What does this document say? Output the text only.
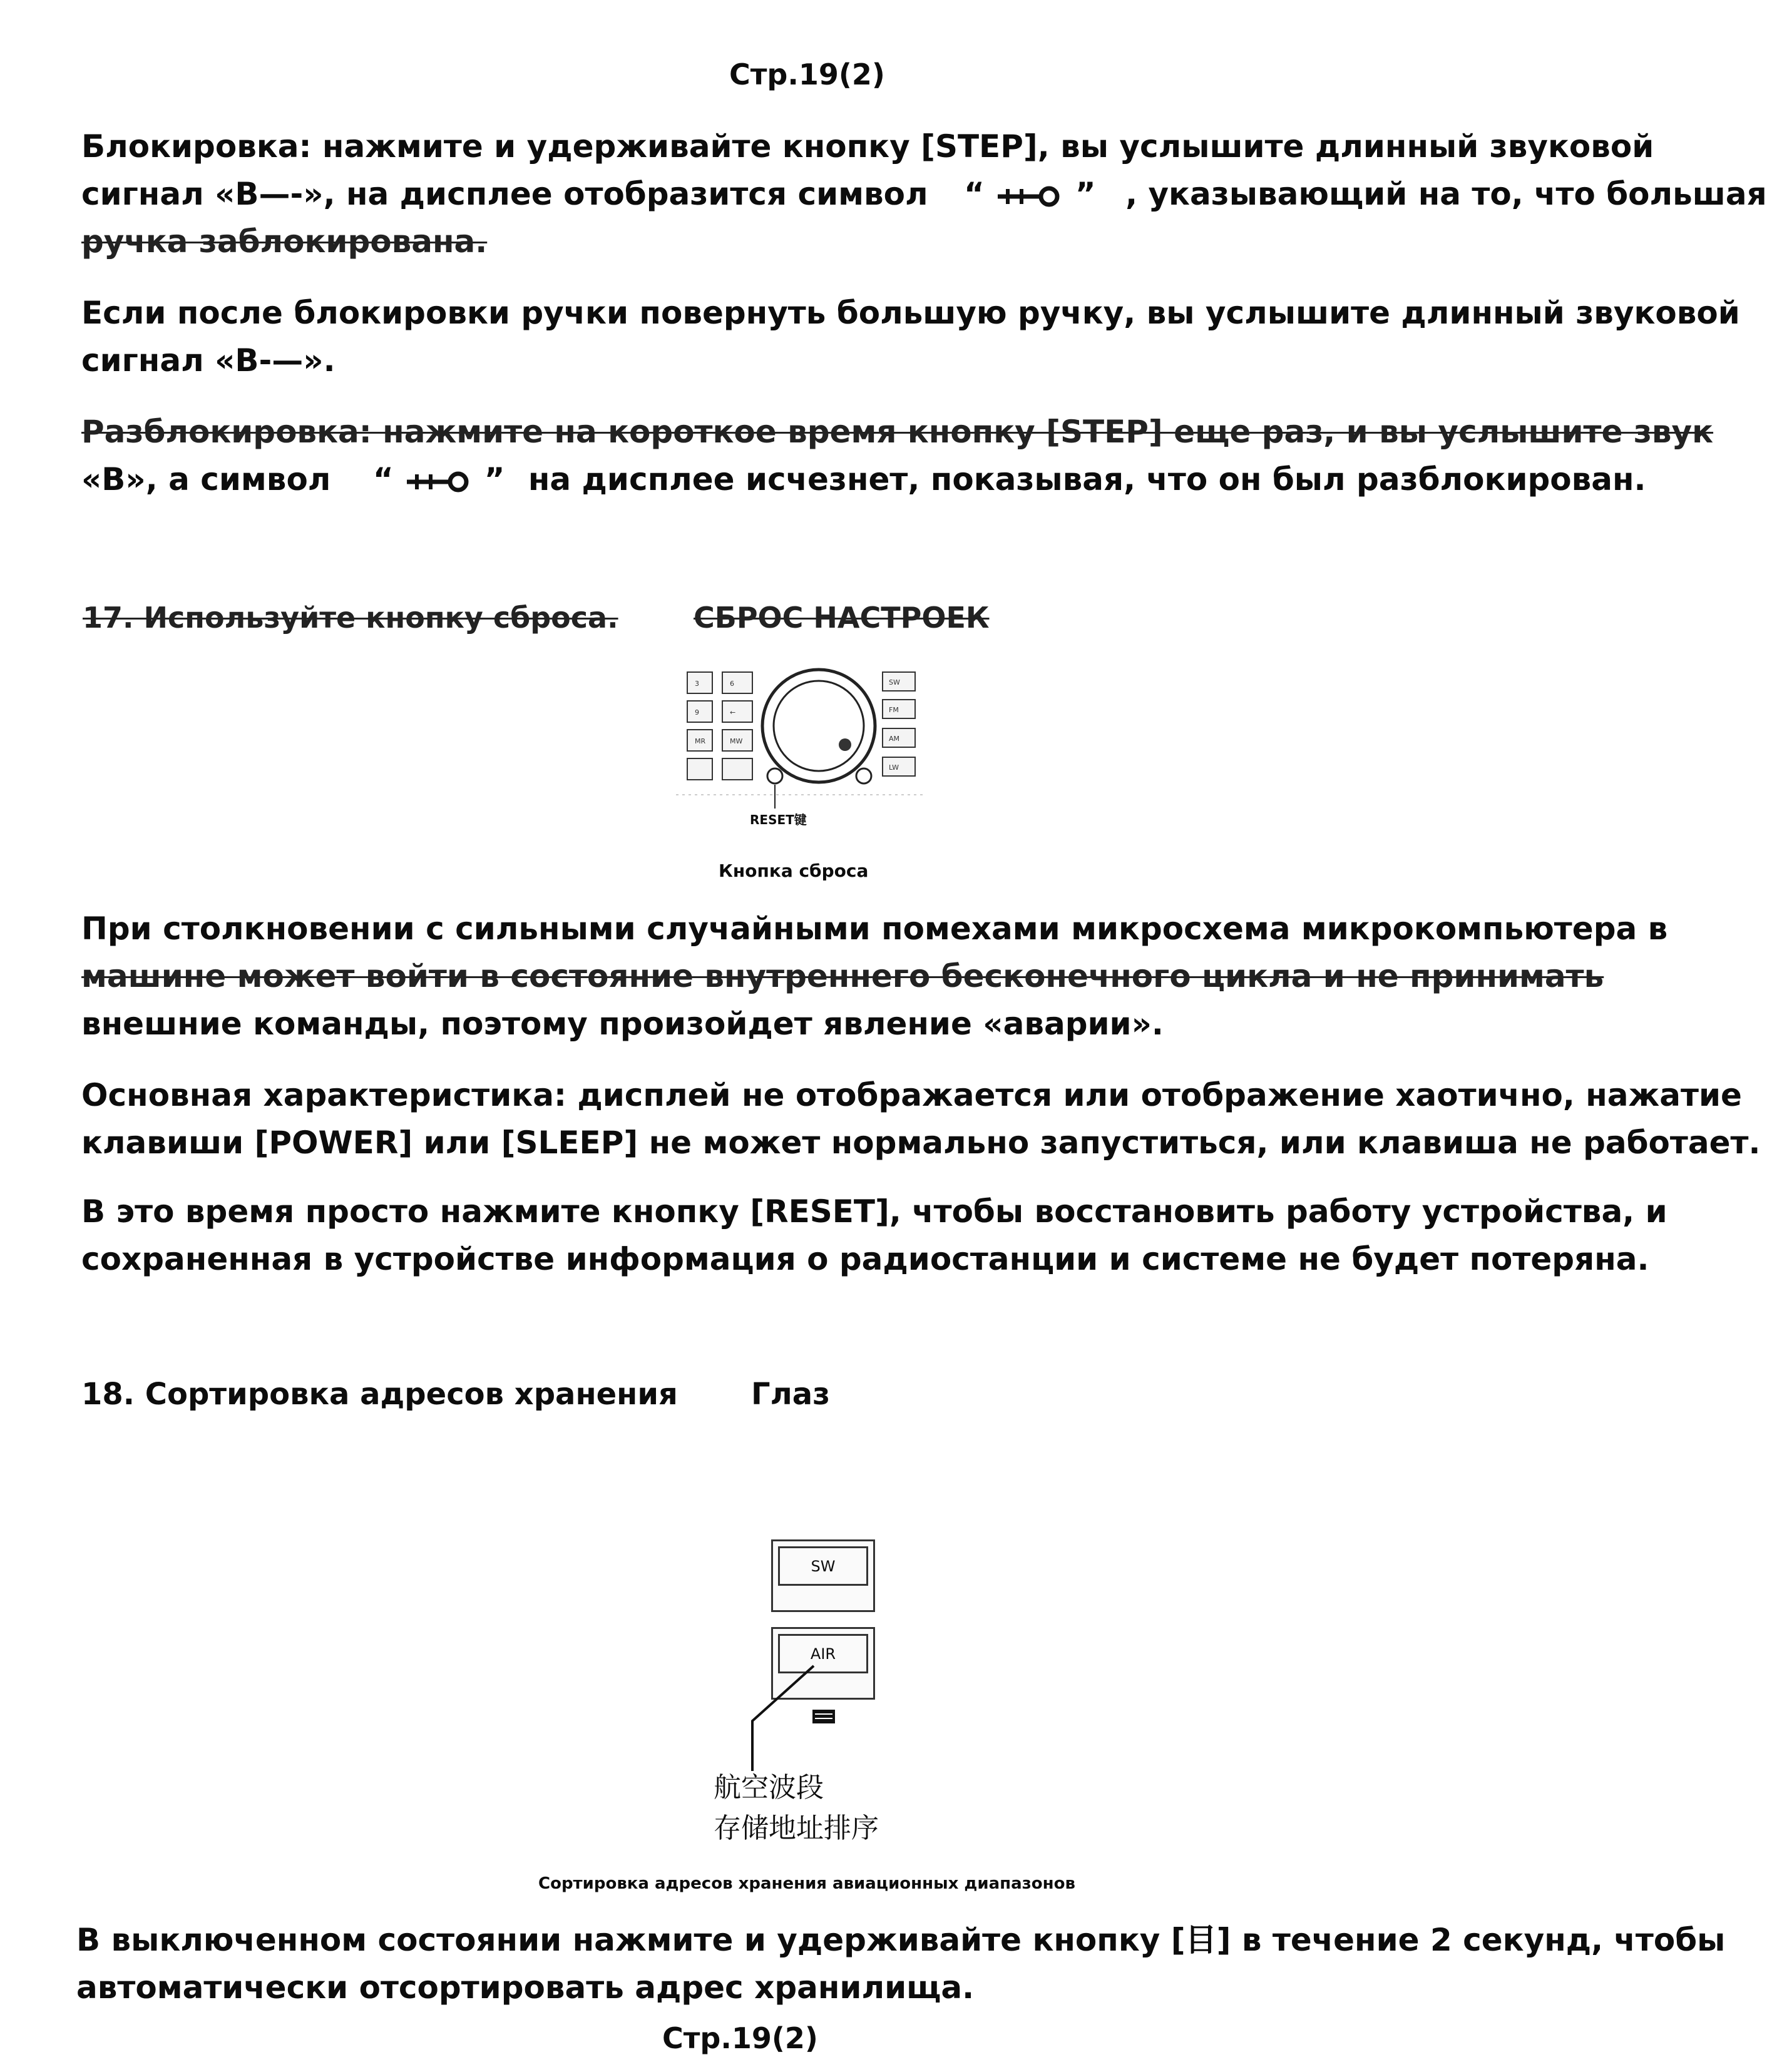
Стр.19(2)
Блокировка: нажмите и удерживайте кнопку [STEP], вы услышите длинный звуковой
сигнал «В—-», на дисплее отобразится символ “	” , указывающий на то, что большая
ручка заблокирована.
Если после блокировки ручки повернуть большую ручку, вы услышите длинный звуковой
сигнал «В-—».
Разблокировка: нажмите на короткое время кнопку [STEP] еще раз, и вы услышите звук
«В», а символ “	” на дисплее исчезнет, показывая, что он был разблокирован.
17. Используйте кнопку сброса.	СБРОС НАСТРОЕК
3	6
9	←
MR	MW
SW
FM
AM
LW
RESET键
Кнопка сброса
При столкновении с сильными случайными помехами микросхема микрокомпьютера в
машине может войти в состояние внутреннего бесконечного цикла и не принимать
внешние команды, поэтому произойдет явление «аварии».
Основная характеристика: дисплей не отображается или отображение хаотично, нажатие
клавиши [POWER] или [SLEEP] не может нормально запуститься, или клавиша не работает.
В это время просто нажмите кнопку [RESET], чтобы восстановить работу устройства, и
сохраненная в устройстве информация о радиостанции и системе не будет потеряна.
18. Сортировка адресов хранения Глаз
SW
AIR
航空波段
存储地址排序
Сортировка адресов хранения авиационных диапазонов
В выключенном состоянии нажмите и удерживайте кнопку [目] в течение 2 секунд, чтобы
автоматически отсортировать адрес хранилища.
Стр.19(2)
